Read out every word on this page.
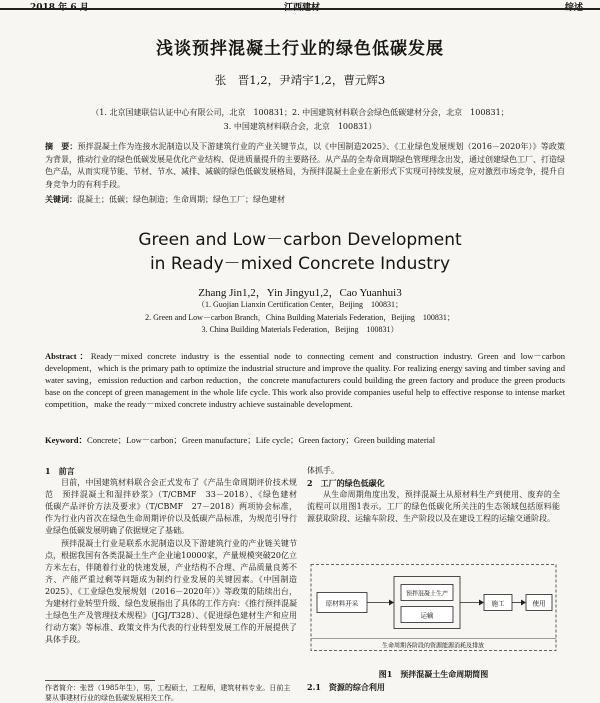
浅谈预拌混凝土行业的绿色低碳发展
张　晋1,2，尹靖宇1,2，曹元辉3
（1. 北京国建联信认证中心有限公司，北京　100831；2. 中国建筑材料联合会绿色低碳建材分会，北京　100831；
3. 中国建筑材料联合会，北京　100831）
摘　要：预拌混凝土作为连接水泥制造以及下游建筑行业的产业关键节点，以《中国制造2025》、《工业绿色发展规划（2016－2020年）》等政策为背景，推动行业的绿色低碳发展是优化产业结构、促进质量提升的主要路径。从产品的全寿命周期绿色管理理念出发，通过创建绿色工厂、打造绿色产品，从而实现节能、节材、节水、减排、减碳的绿色低碳发展格局，为预拌混凝土企业在新形式下实现可持续发展，应对激烈市场竞争，提升自身竞争力的有利手段。
关键词：混凝土；低碳；绿色制造；生命周期；绿色工厂；绿色建材
Green and Low－carbon Development
in Ready－mixed Concrete Industry
Zhang Jin1,2，Yin Jingyu1,2，Cao Yuanhui3
（1. Guojian Lianxin Certification Center，Beijing　100831；
2. Green and Low－carbon Branch，China Building Materials Federation，Beijing　100831；
3. China Building Materials Federation，Beijing　100831）
Abstract：Ready－mixed concrete industry is the essential node to connecting cement and construction industry. Green and low－carbon development，which is the primary path to optimize the industrial structure and improve the quality. For realizing energy saving and timber saving and water saving，emission reduction and carbon reduction，the concrete manufacturers could building the green factory and produce the green products base on the concept of green management in the whole life cycle. This work also provide companies useful help to effective response to intense market competition，make the ready－mixed concrete industry achieve sustainable development.
Keyword：Concrete；Low－carbon；Green manufacture；Life cycle；Green factory；Green building material
1　前言
目前，中国建筑材料联合会正式发布了《产品生命周期评价技术规范　预拌混凝土和湿拌砂浆》（T/CBMF　33－2018）、《绿色建材　低碳产品评价方法及要求》（T/CBMF　27－2018）两项协会标准，作为行业内首次在绿色生命周期评价以及低碳产品标准，为规范引导行业绿色低碳发展明确了依据规定了基础。
预拌混凝土行业是联系水泥制造以及下游建筑行业的产业链关键节点，根据我国有各类混凝土生产企业逾10000家，产量规模突破20亿立方米左右，伴随着行业的快速发展，产业结构不合理、产品质量良莠不齐、产能严重过剩等问题成为制约行业发展的关键因素。《中国制造2025》、《工业绿色发展规划（2016－2020年）》等政策的陆续出台，为建材行业转型升级、绿色发展指出了具体的工作方向：《推行预拌混凝土绿色生产及管理技术规程》（JGJ/T328）、《促进绿色建材生产和应用行动方案》等标准、政策文件为代表的行业转型发展工作的开展提供了具体手段。
体抓手。
2　工厂的绿色低碳化
从生命周期角度出发，预拌混凝土从原材料生产到使用、废弃的全流程可以用图1表示。工厂的绿色低碳化所关注的生态领域包括原料能源获取阶段、运输车阶段、生产阶段以及在建设工程的运输交通阶段。
原材料开采
预拌混凝土生产
运输
施工	使用
生命周期各阶段的资源能源消耗及排放
图1　预拌混凝土生命周期简图
作者简介：张晋（1985年生），男，工程硕士，工程师，建筑材料专业。日前主要从事建材行业的绿色低碳发展相关工作。
2.1　资源的综合利用
